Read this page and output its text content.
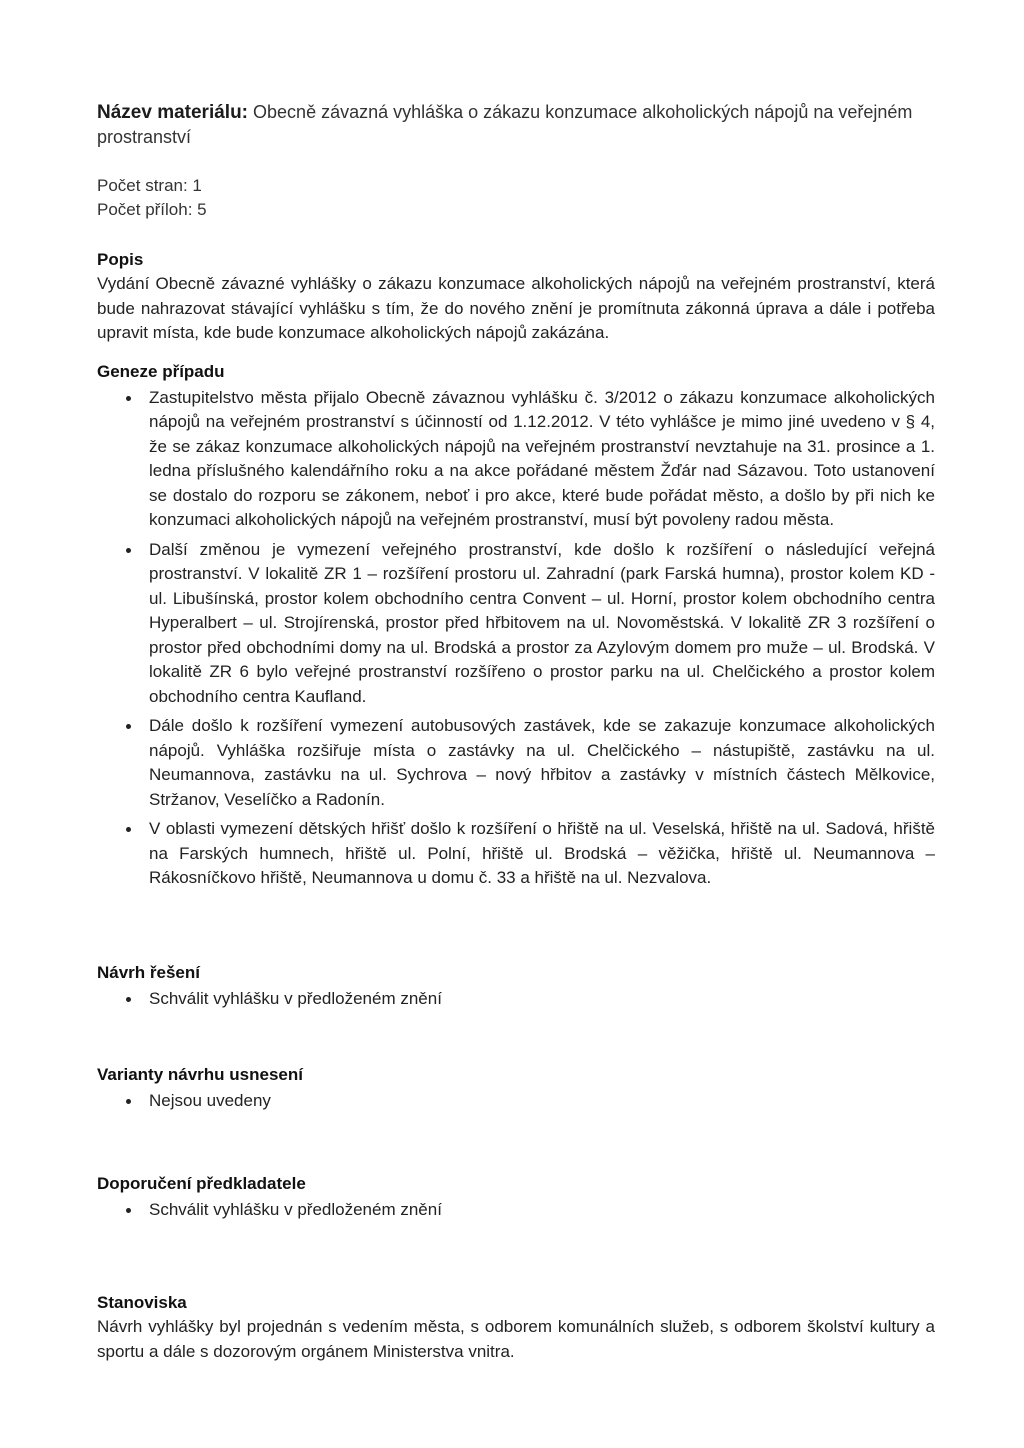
Název materiálu: Obecně závazná vyhláška o zákazu konzumace alkoholických nápojů na veřejném prostranství

Počet stran: 1
Počet příloh: 5
Popis

Vydání Obecně závazné vyhlášky o zákazu konzumace alkoholických nápojů na veřejném prostranství, která bude nahrazovat stávající vyhlášku s tím, že do nového znění je promítnuta zákonná úprava a dále i potřeba upravit místa, kde bude konzumace alkoholických nápojů zakázána.

Geneze případu
Zastupitelstvo města přijalo Obecně závaznou vyhlášku č. 3/2012 o zákazu konzumace alkoholických nápojů na veřejném prostranství s účinností od 1.12.2012. V této vyhlášce je mimo jiné uvedeno v § 4, že se zákaz konzumace alkoholických nápojů na veřejném prostranství nevztahuje na 31. prosince a 1. ledna příslušného kalendářního roku a na akce pořádané městem Žďár nad Sázavou. Toto ustanovení se dostalo do rozporu se zákonem, neboť i pro akce, které bude pořádat město, a došlo by při nich ke konzumaci alkoholických nápojů na veřejném prostranství, musí být povoleny radou města.
Další změnou je vymezení veřejného prostranství, kde došlo k rozšíření o následující veřejná prostranství. V lokalitě ZR 1 – rozšíření prostoru ul. Zahradní (park Farská humna), prostor kolem KD - ul. Libušínská, prostor kolem obchodního centra Convent – ul. Horní, prostor kolem obchodního centra Hyperalbert – ul. Strojírenská, prostor před hřbitovem na ul. Novoměstská. V lokalitě ZR 3 rozšíření o prostor před obchodními domy na ul. Brodská a prostor za Azylovým domem pro muže – ul. Brodská. V lokalitě ZR 6 bylo veřejné prostranství rozšířeno o prostor parku na ul. Chelčického a prostor kolem obchodního centra Kaufland.
Dále došlo k rozšíření vymezení autobusových zastávek, kde se zakazuje konzumace alkoholických nápojů. Vyhláška rozšiřuje místa o zastávky na ul. Chelčického – nástupiště, zastávku na ul. Neumannova, zastávku na ul. Sychrova – nový hřbitov a zastávky v místních částech Mělkovice, Stržanov, Veselíčko a Radonín.
V oblasti vymezení dětských hřišť došlo k rozšíření o hřiště na ul. Veselská, hřiště na ul. Sadová, hřiště na Farských humnech, hřiště ul. Polní, hřiště ul. Brodská – věžička, hřiště ul. Neumannova – Rákosníčkovo hřiště, Neumannova u domu č. 33 a hřiště na ul. Nezvalova.
Návrh řešení
Schválit vyhlášku v předloženém znění
Varianty návrhu usnesení
Nejsou uvedeny
Doporučení předkladatele
Schválit vyhlášku v předloženém znění
Stanoviska

Návrh vyhlášky byl projednán s vedením města, s odborem komunálních služeb, s odborem školství kultury a sportu a dále s dozorovým orgánem Ministerstva vnitra.
